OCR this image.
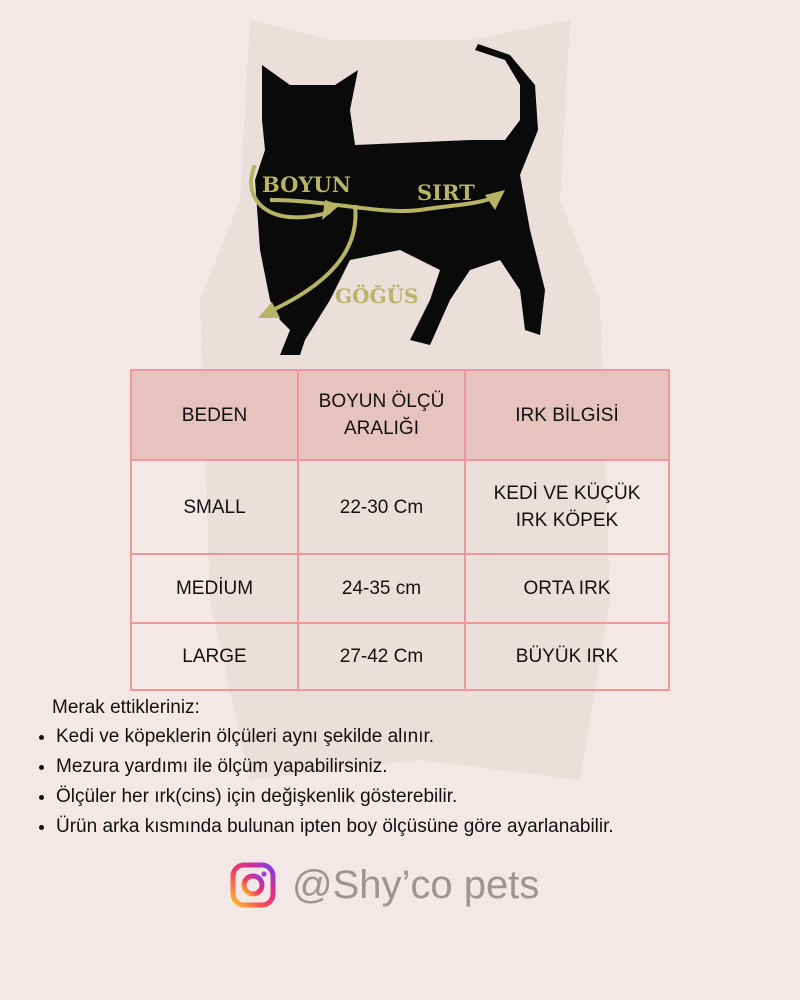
BOYUN	SIRT
GÖĞÜS
BEDEN	BOYUN ÖLÇÜ ARALIĞI	IRK BİLGİSİ
SMALL	22-30 Cm	KEDİ VE KÜÇÜK IRK KÖPEK
MEDİUM	24-35 cm	ORTA IRK
LARGE	27-42 Cm	BÜYÜK IRK
Merak ettikleriniz:
• Kedi ve köpeklerin ölçüleri aynı şekilde alınır.
• Mezura yardımı ile ölçüm yapabilirsiniz.
• Ölçüler her ırk(cins) için değişkenlik gösterebilir.
• Ürün arka kısmında bulunan ipten boy ölçüsüne göre ayarlanabilir.
@Shy’co pets
